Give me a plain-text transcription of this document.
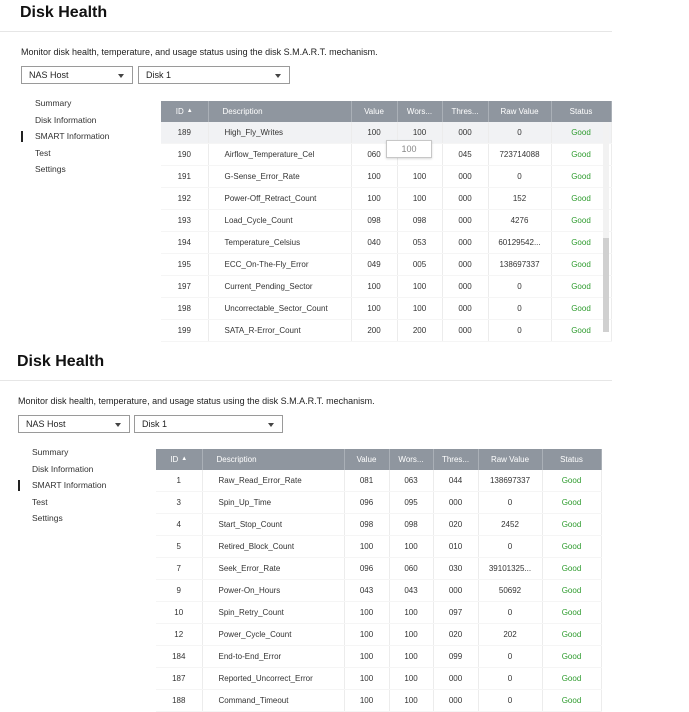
Disk Health
Monitor disk health, temperature, and usage status using the disk S.M.A.R.T. mechanism.
NAS Host	Disk 1
Summary
Disk Information
SMART Information
Test
Settings
ID ▲	Description	Value	Wors...	Thres...	Raw Value	Status
189	High_Fly_Writes	100	100	000	0	Good
190	Airflow_Temperature_Cel	060		045	723714088	Good
191	G-Sense_Error_Rate	100	100	000	0	Good
192	Power-Off_Retract_Count	100	100	000	152	Good
193	Load_Cycle_Count	098	098	000	4276	Good
194	Temperature_Celsius	040	053	000	60129542...	Good
195	ECC_On-The-Fly_Error	049	005	000	138697337	Good
197	Current_Pending_Sector	100	100	000	0	Good
198	Uncorrectable_Sector_Count	100	100	000	0	Good
199	SATA_R-Error_Count	200	200	000	0	Good
100
Disk Health
Monitor disk health, temperature, and usage status using the disk S.M.A.R.T. mechanism.
NAS Host	Disk 1
Summary
Disk Information
SMART Information
Test
Settings
ID ▲	Description	Value	Wors...	Thres...	Raw Value	Status
1	Raw_Read_Error_Rate	081	063	044	138697337	Good
3	Spin_Up_Time	096	095	000	0	Good
4	Start_Stop_Count	098	098	020	2452	Good
5	Retired_Block_Count	100	100	010	0	Good
7	Seek_Error_Rate	096	060	030	39101325...	Good
9	Power-On_Hours	043	043	000	50692	Good
10	Spin_Retry_Count	100	100	097	0	Good
12	Power_Cycle_Count	100	100	020	202	Good
184	End-to-End_Error	100	100	099	0	Good
187	Reported_Uncorrect_Error	100	100	000	0	Good
188	Command_Timeout	100	100	000	0	Good
